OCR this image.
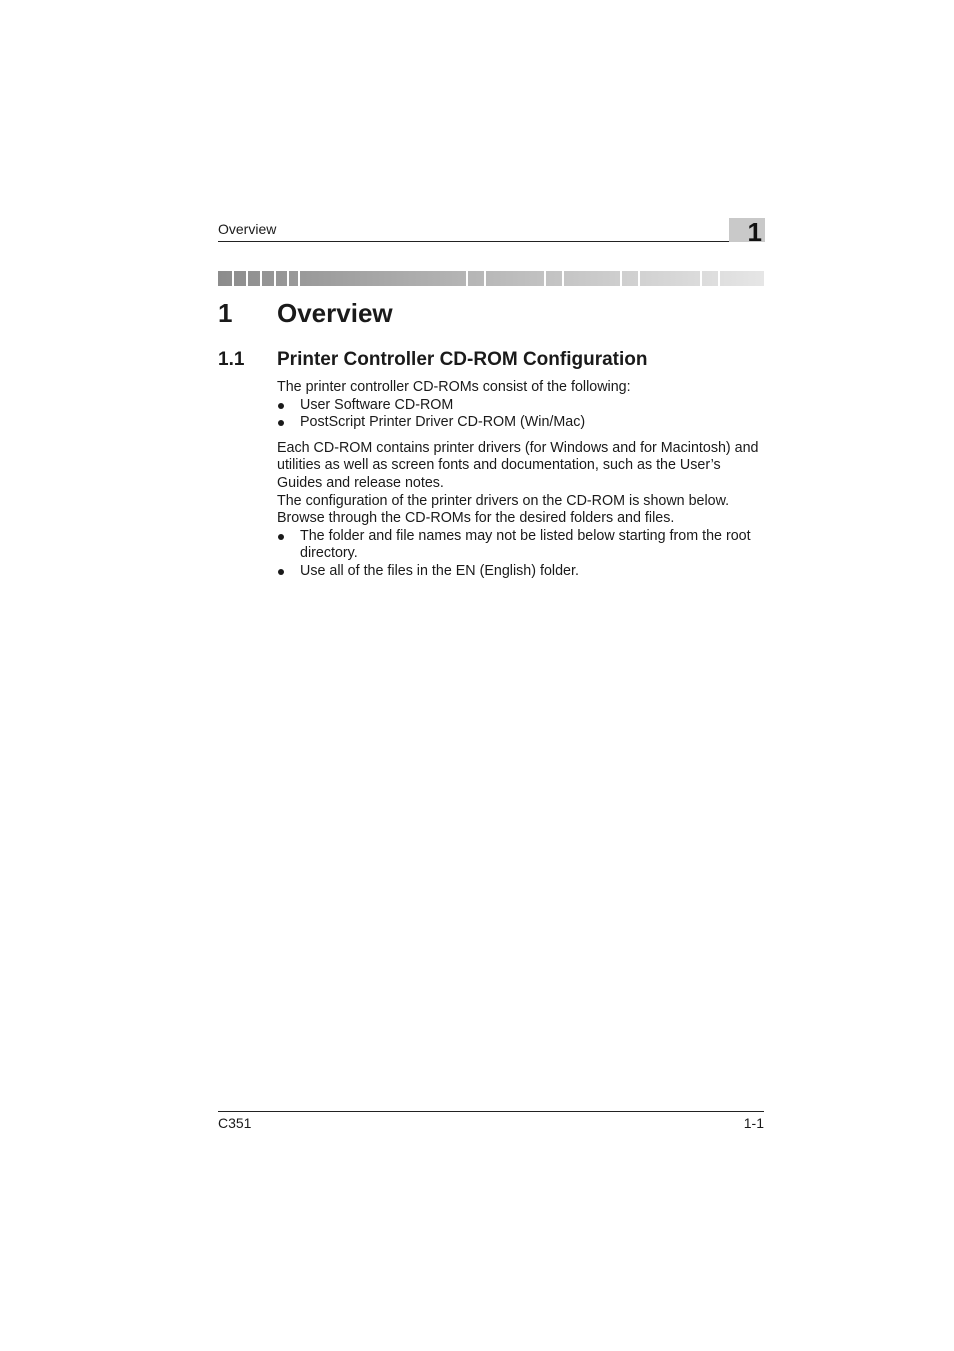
Overview	1
1 Overview
1.1 Printer Controller CD-ROM Configuration

The printer controller CD-ROMs consist of the following:

User Software CD-ROM
PostScript Printer Driver CD-ROM (Win/Mac)

Each CD-ROM contains printer drivers (for Windows and for Macintosh) and utilities as well as screen fonts and documentation, such as the User’s Guides and release notes.

The configuration of the printer drivers on the CD-ROM is shown below. Browse through the CD-ROMs for the desired folders and files.

The folder and file names may not be listed below starting from the root directory.
Use all of the files in the EN (English) folder.
C351	1-1
